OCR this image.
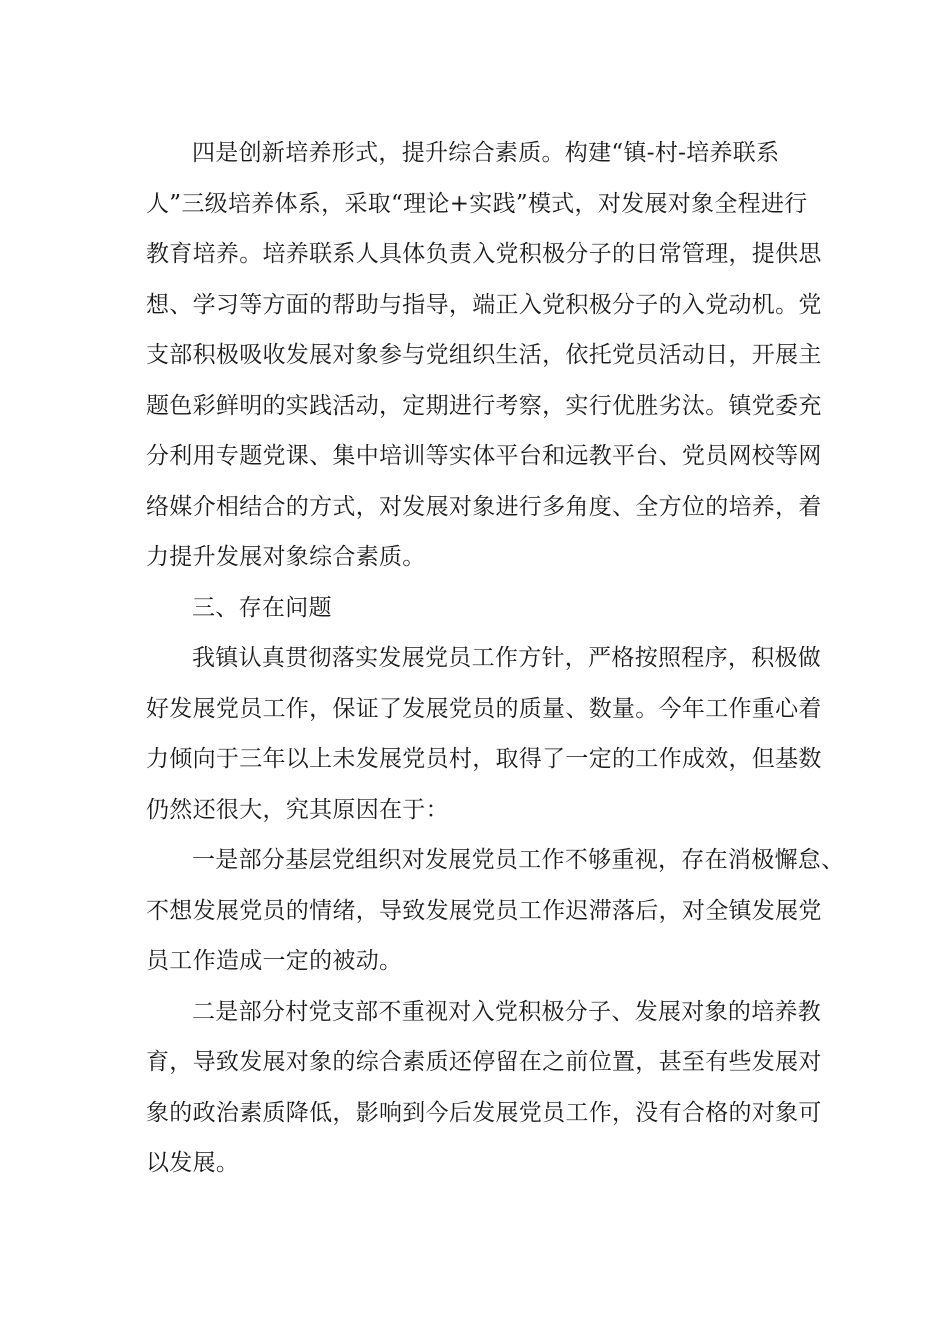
四是创新培养形式，提升综合素质。构建“镇-村-培养联系
人”三级培养体系，采取“理论+实践”模式，对发展对象全程进行
教育培养。培养联系人具体负责入党积极分子的日常管理，提供思
想、学习等方面的帮助与指导，端正入党积极分子的入党动机。党
支部积极吸收发展对象参与党组织生活，依托党员活动日，开展主
题色彩鲜明的实践活动，定期进行考察，实行优胜劣汰。镇党委充
分利用专题党课、集中培训等实体平台和远教平台、党员网校等网
络媒介相结合的方式，对发展对象进行多角度、全方位的培养，着
力提升发展对象综合素质。

三、存在问题

我镇认真贯彻落实发展党员工作方针，严格按照程序，积极做
好发展党员工作，保证了发展党员的质量、数量。今年工作重心着
力倾向于三年以上未发展党员村，取得了一定的工作成效，但基数
仍然还很大，究其原因在于：

一是部分基层党组织对发展党员工作不够重视，存在消极懈怠、
不想发展党员的情绪，导致发展党员工作迟滞落后，对全镇发展党
员工作造成一定的被动。

二是部分村党支部不重视对入党积极分子、发展对象的培养教
育，导致发展对象的综合素质还停留在之前位置，甚至有些发展对
象的政治素质降低，影响到今后发展党员工作，没有合格的对象可
以发展。
